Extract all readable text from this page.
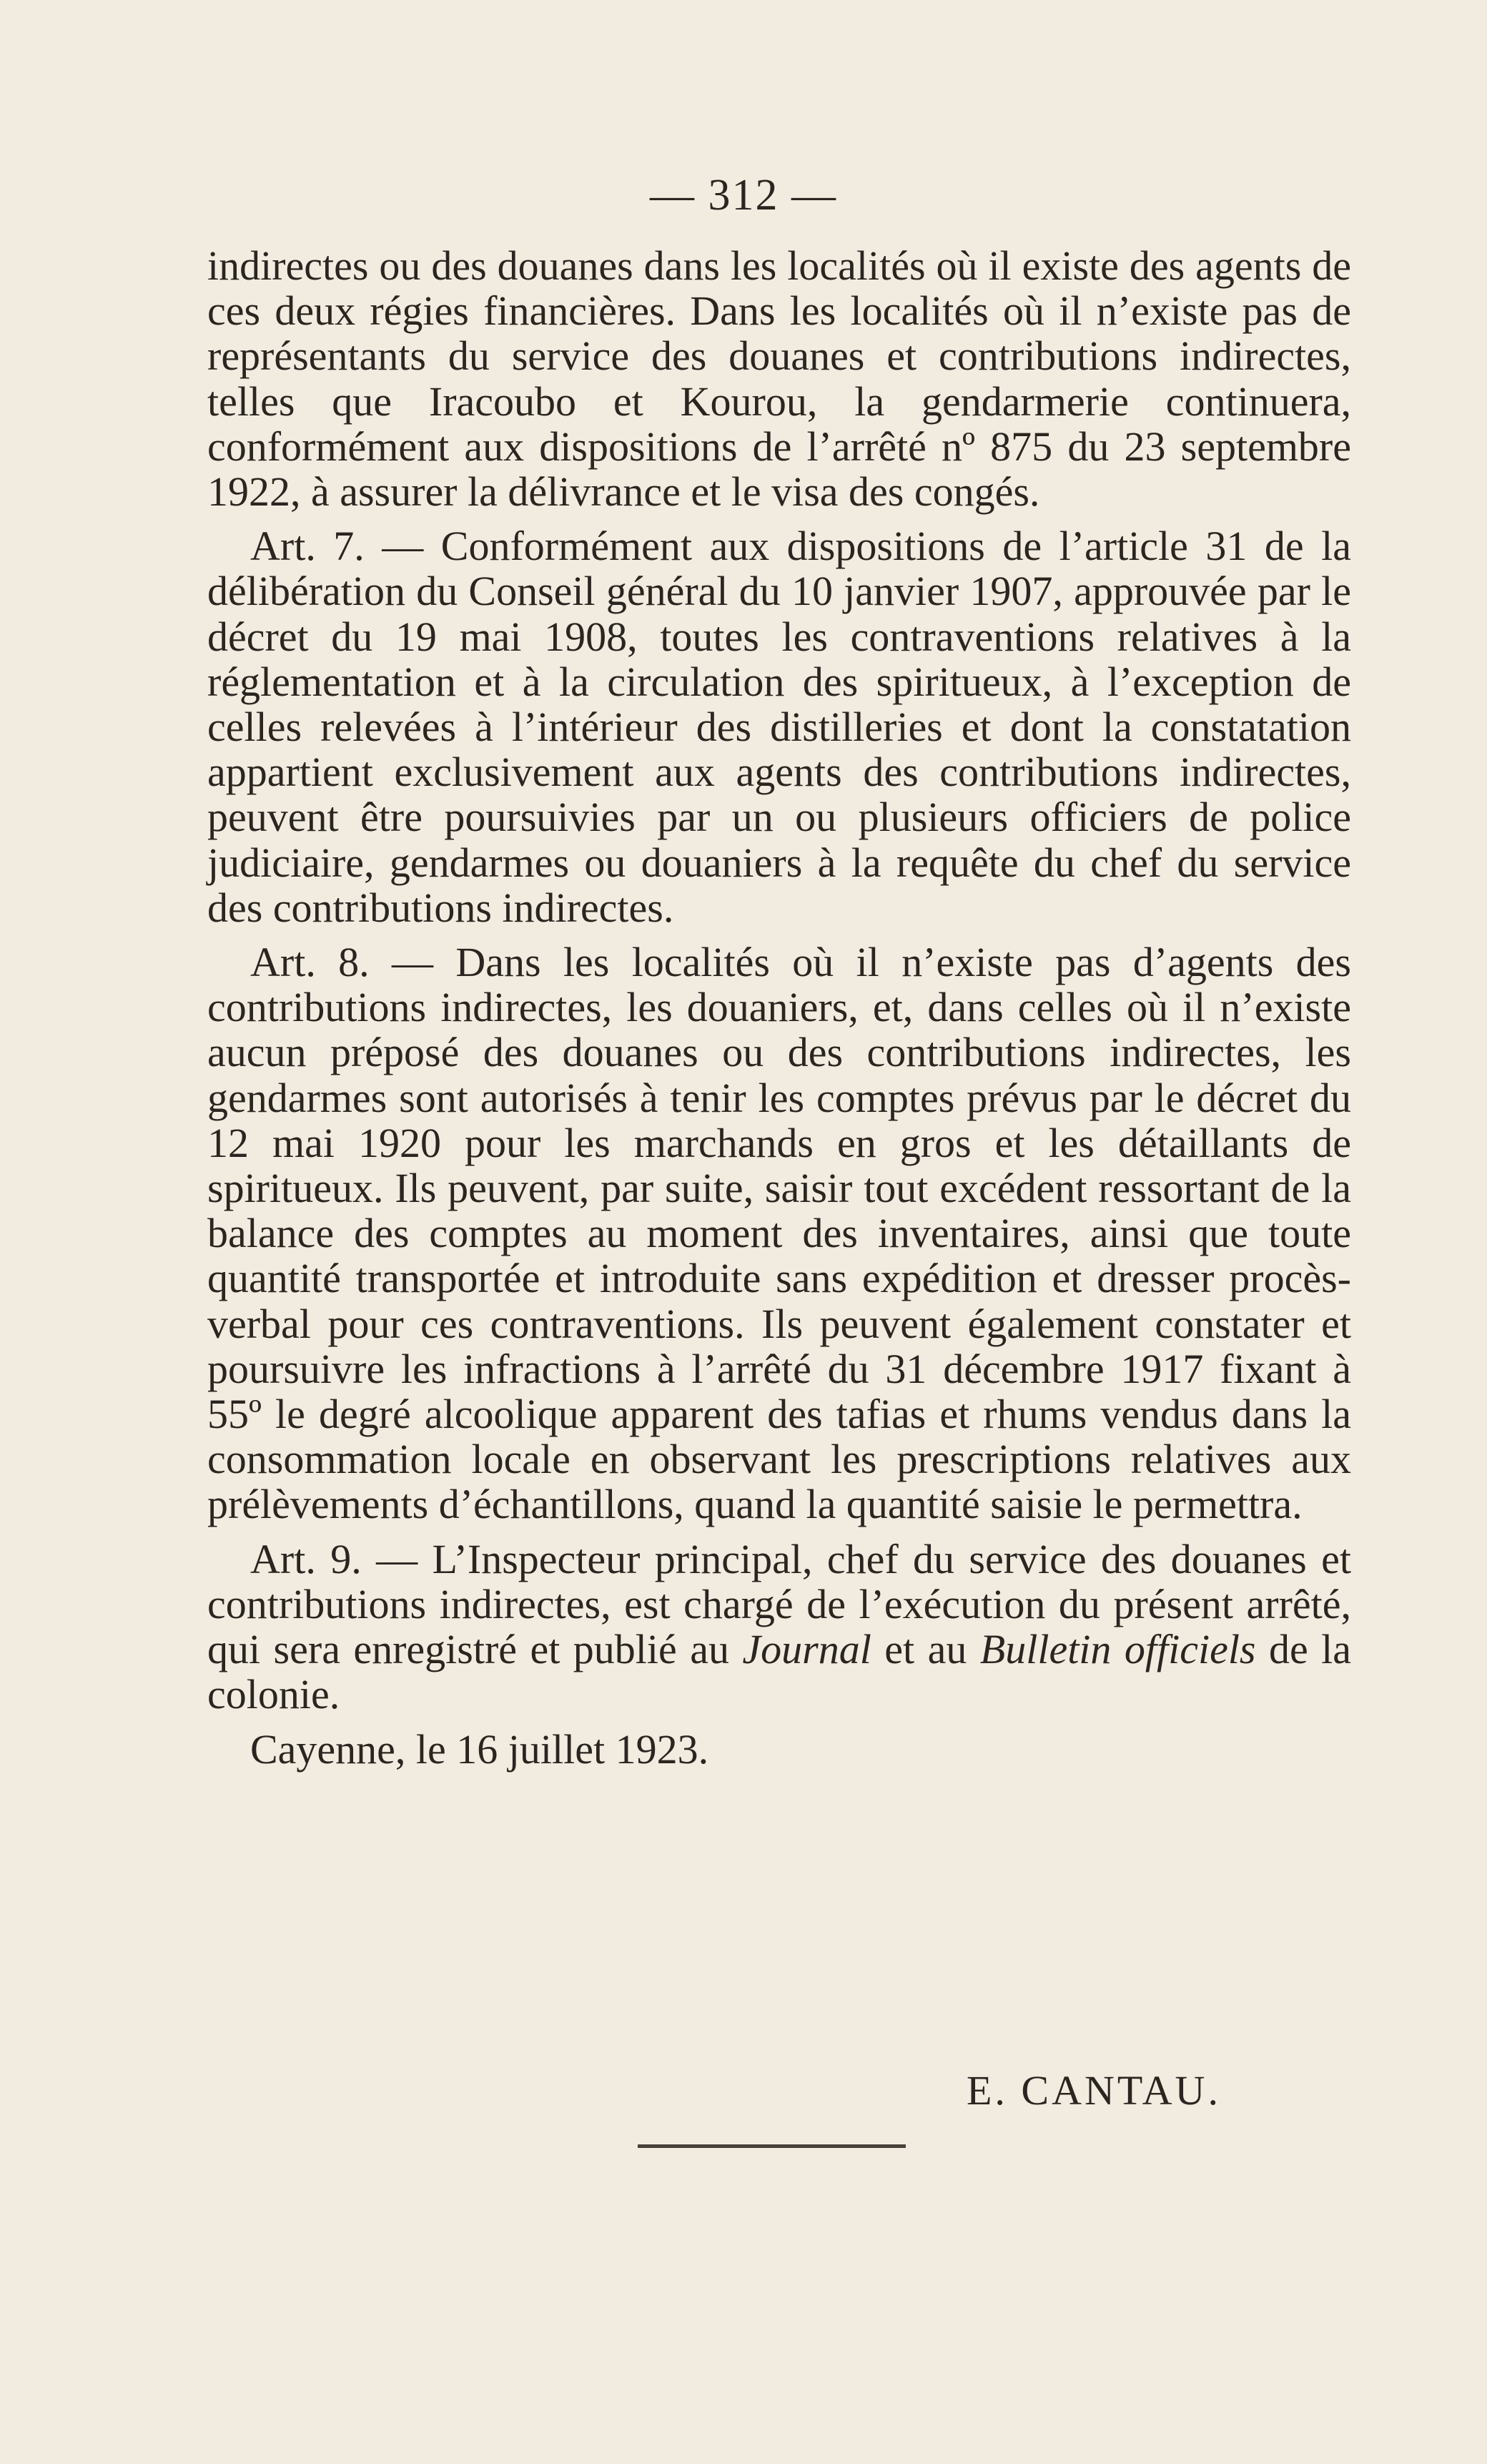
— 312 —

indirectes ou des douanes dans les localités où il existe des agents de ces deux régies financières. Dans les localités où il n’existe pas de représentants du service des douanes et contributions indirectes, telles que Iracoubo et Kourou, la gendarmerie continuera, conformément aux dispositions de l’arrêté nº 875 du 23 septembre 1922, à assurer la délivrance et le visa des congés.

Art. 7. — Conformément aux dispositions de l’article 31 de la délibération du Conseil général du 10 janvier 1907, approuvée par le décret du 19 mai 1908, toutes les contraventions relatives à la réglementation et à la circulation des spiritueux, à l’exception de celles relevées à l’intérieur des distilleries et dont la constatation appartient exclusivement aux agents des contributions indirectes, peuvent être poursuivies par un ou plusieurs officiers de police judiciaire, gendarmes ou douaniers à la requête du chef du service des contributions indirectes.

Art. 8. — Dans les localités où il n’existe pas d’agents des contributions indirectes, les douaniers, et, dans celles où il n’existe aucun préposé des douanes ou des contributions indirectes, les gendarmes sont autorisés à tenir les comptes prévus par le décret du 12 mai 1920 pour les marchands en gros et les détaillants de spiritueux. Ils peuvent, par suite, saisir tout excédent ressortant de la balance des comptes au moment des inventaires, ainsi que toute quantité transportée et introduite sans expédition et dresser procès-verbal pour ces contraventions. Ils peuvent également constater et poursuivre les infractions à l’arrêté du 31 décembre 1917 fixant à 55º le degré alcoolique apparent des tafias et rhums vendus dans la consommation locale en observant les prescriptions relatives aux prélèvements d’échantillons, quand la quantité saisie le permettra.

Art. 9. — L’Inspecteur principal, chef du service des douanes et contributions indirectes, est chargé de l’exécution du présent arrêté, qui sera enregistré et publié au Journal et au Bulletin officiels de la colonie.

Cayenne, le 16 juillet 1923.

E. CANTAU.
